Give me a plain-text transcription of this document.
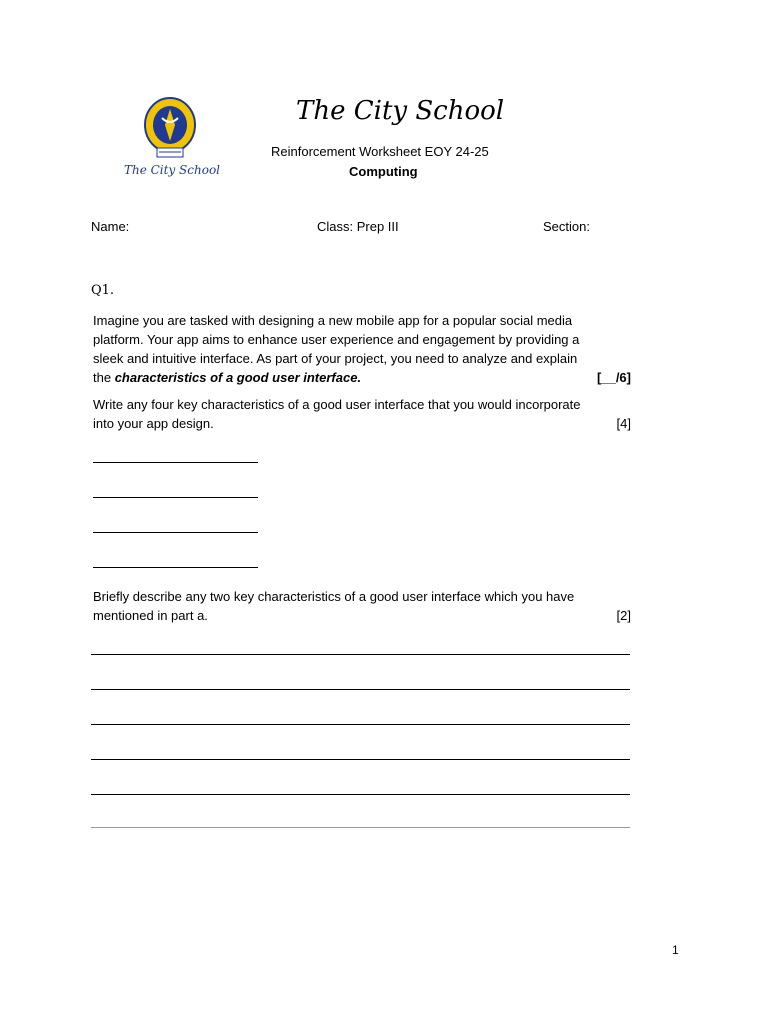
The City School
The City School
Reinforcement Worksheet EOY 24-25
Computing
Name:	Class: Prep III	Section:
Q1.
Imagine you are tasked with designing a new mobile app for a popular social media
platform. Your app aims to enhance user experience and engagement by providing a
sleek and intuitive interface. As part of your project, you need to analyze and explain
the characteristics of a good user interface.	[__/6]
Write any four key characteristics of a good user interface that you would incorporate
into your app design.	[4]
Briefly describe any two key characteristics of a good user interface which you have
mentioned in part a.	[2]
1
